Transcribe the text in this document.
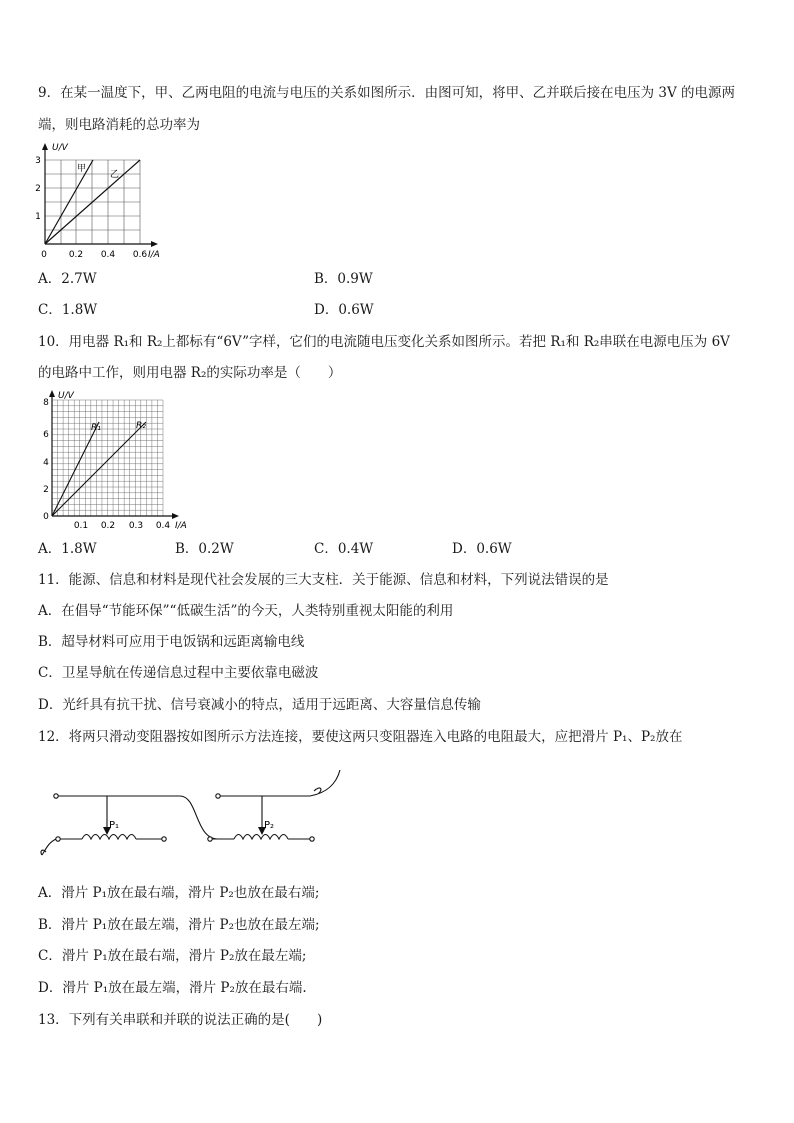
9．在某一温度下，甲、乙两电阻的电流与电压的关系如图所示．由图可知，将甲、乙并联后接在电压为 3V 的电源两
端，则电路消耗的总功率为
甲
乙
U/V
I/A
3
2
1
0 0.2 0.4 0.6
A．2.7W	B．0.9W
C．1.8W	D．0.6W
10．用电器 R₁和 R₂上都标有“6V”字样，它们的电流随电压变化关系如图所示。若把 R₁和 R₂串联在电源电压为 6V
的电路中工作，则用电器 R₂的实际功率是（　　）
R₁	R₂
U/V
I/A
8
6
4
2
0
0.1 0.2 0.3 0.4
A．1.8W	B．0.2W	C．0.4W	D．0.6W
11．能源、信息和材料是现代社会发展的三大支柱．关于能源、信息和材料，下列说法错误的是
A．在倡导“节能环保”“低碳生活”的今天，人类特别重视太阳能的利用
B．超导材料可应用于电饭锅和远距离输电线
C．卫星导航在传递信息过程中主要依靠电磁波
D．光纤具有抗干扰、信号衰减小的特点，适用于远距离、大容量信息传输
12．将两只滑动变阻器按如图所示方法连接，要使这两只变阻器连入电路的电阻最大，应把滑片 P₁、P₂放在
P₁	P₂
A．滑片 P₁放在最右端，滑片 P₂也放在最右端;
B．滑片 P₁放在最左端，滑片 P₂也放在最左端;
C．滑片 P₁放在最右端，滑片 P₂放在最左端;
D．滑片 P₁放在最左端，滑片 P₂放在最右端.
13．下列有关串联和并联的说法正确的是(　　)
